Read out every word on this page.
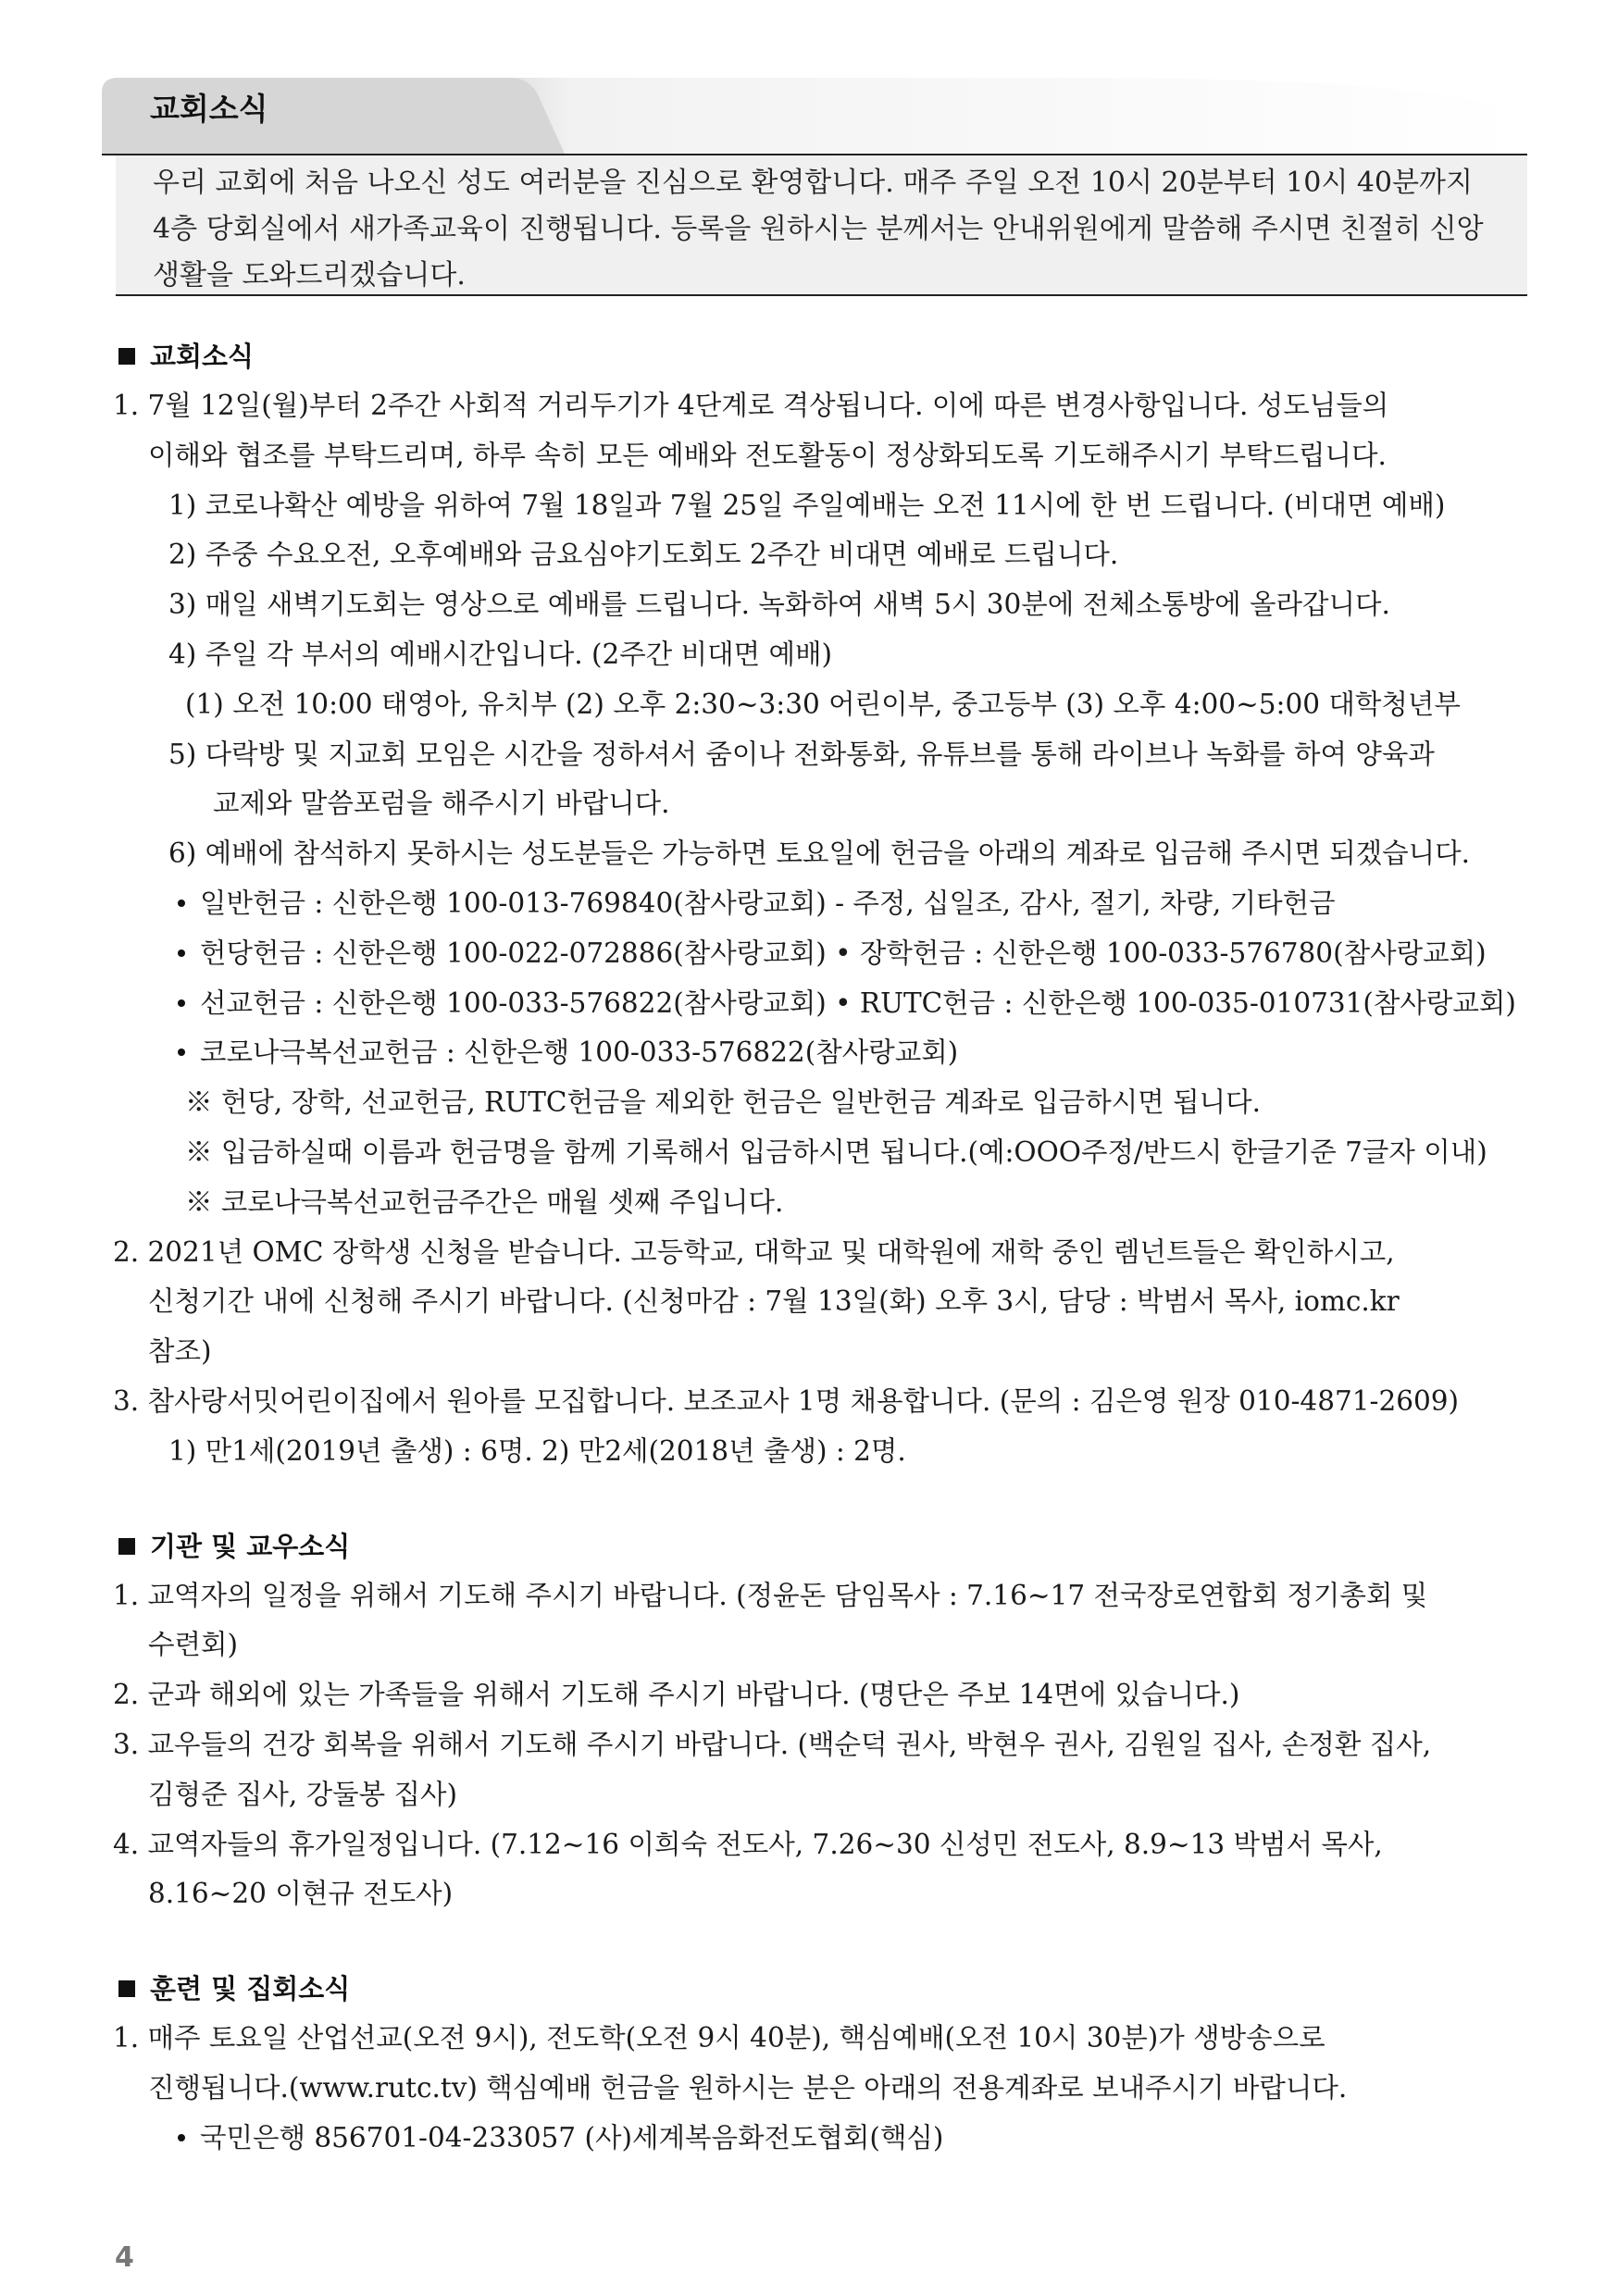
교회소식

우리 교회에 처음 나오신 성도 여러분을 진심으로 환영합니다. 매주 주일 오전 10시 20분부터 10시 40분까지 4층 당회실에서 새가족교육이 진행됩니다. 등록을 원하시는 분께서는 안내위원에게 말씀해 주시면 친절히 신앙생활을 도와드리겠습니다.

교회소식
1. 7월 12일(월)부터 2주간 사회적 거리두기가 4단계로 격상됩니다. 이에 따른 변경사항입니다. 성도님들의
이해와 협조를 부탁드리며, 하루 속히 모든 예배와 전도활동이 정상화되도록 기도해주시기 부탁드립니다.
1) 코로나확산 예방을 위하여 7월 18일과 7월 25일 주일예배는 오전 11시에 한 번 드립니다. (비대면 예배)
2) 주중 수요오전, 오후예배와 금요심야기도회도 2주간 비대면 예배로 드립니다.
3) 매일 새벽기도회는 영상으로 예배를 드립니다. 녹화하여 새벽 5시 30분에 전체소통방에 올라갑니다.
4) 주일 각 부서의 예배시간입니다. (2주간 비대면 예배)
(1) 오전 10:00 태영아, 유치부 (2) 오후 2:30~3:30 어린이부, 중고등부 (3) 오후 4:00~5:00 대학청년부
5) 다락방 및 지교회 모임은 시간을 정하셔서 줌이나 전화통화, 유튜브를 통해 라이브나 녹화를 하여 양육과
교제와 말씀포럼을 해주시기 바랍니다.
6) 예배에 참석하지 못하시는 성도분들은 가능하면 토요일에 헌금을 아래의 계좌로 입금해 주시면 되겠습니다.
일반헌금 : 신한은행 100-013-769840(참사랑교회) - 주정, 십일조, 감사, 절기, 차량, 기타헌금
헌당헌금 : 신한은행 100-022-072886(참사랑교회) • 장학헌금 : 신한은행 100-033-576780(참사랑교회)
선교헌금 : 신한은행 100-033-576822(참사랑교회) • RUTC헌금 : 신한은행 100-035-010731(참사랑교회)
코로나극복선교헌금 : 신한은행 100-033-576822(참사랑교회)
※ 헌당, 장학, 선교헌금, RUTC헌금을 제외한 헌금은 일반헌금 계좌로 입금하시면 됩니다.
※ 입금하실때 이름과 헌금명을 함께 기록해서 입금하시면 됩니다.(예:OOO주정/반드시 한글기준 7글자 이내)
※ 코로나극복선교헌금주간은 매월 셋째 주입니다.
2. 2021년 OMC 장학생 신청을 받습니다. 고등학교, 대학교 및 대학원에 재학 중인 렘넌트들은 확인하시고,
신청기간 내에 신청해 주시기 바랍니다. (신청마감 : 7월 13일(화) 오후 3시, 담당 : 박범서 목사, iomc.kr
참조)
3. 참사랑서밋어린이집에서 원아를 모집합니다. 보조교사 1명 채용합니다. (문의 : 김은영 원장 010-4871-2609)
1) 만1세(2019년 출생) : 6명. 2) 만2세(2018년 출생) : 2명.
기관 및 교우소식
1. 교역자의 일정을 위해서 기도해 주시기 바랍니다. (정윤돈 담임목사 : 7.16~17 전국장로연합회 정기총회 및
수련회)
2. 군과 해외에 있는 가족들을 위해서 기도해 주시기 바랍니다. (명단은 주보 14면에 있습니다.)
3. 교우들의 건강 회복을 위해서 기도해 주시기 바랍니다. (백순덕 권사, 박현우 권사, 김원일 집사, 손정환 집사,
김형준 집사, 강둘봉 집사)
4. 교역자들의 휴가일정입니다. (7.12~16 이희숙 전도사, 7.26~30 신성민 전도사, 8.9~13 박범서 목사,
8.16~20 이현규 전도사)
훈련 및 집회소식
1. 매주 토요일 산업선교(오전 9시), 전도학(오전 9시 40분), 핵심예배(오전 10시 30분)가 생방송으로
진행됩니다.(www.rutc.tv) 핵심예배 헌금을 원하시는 분은 아래의 전용계좌로 보내주시기 바랍니다.
국민은행 856701-04-233057 (사)세계복음화전도협회(핵심)
4
